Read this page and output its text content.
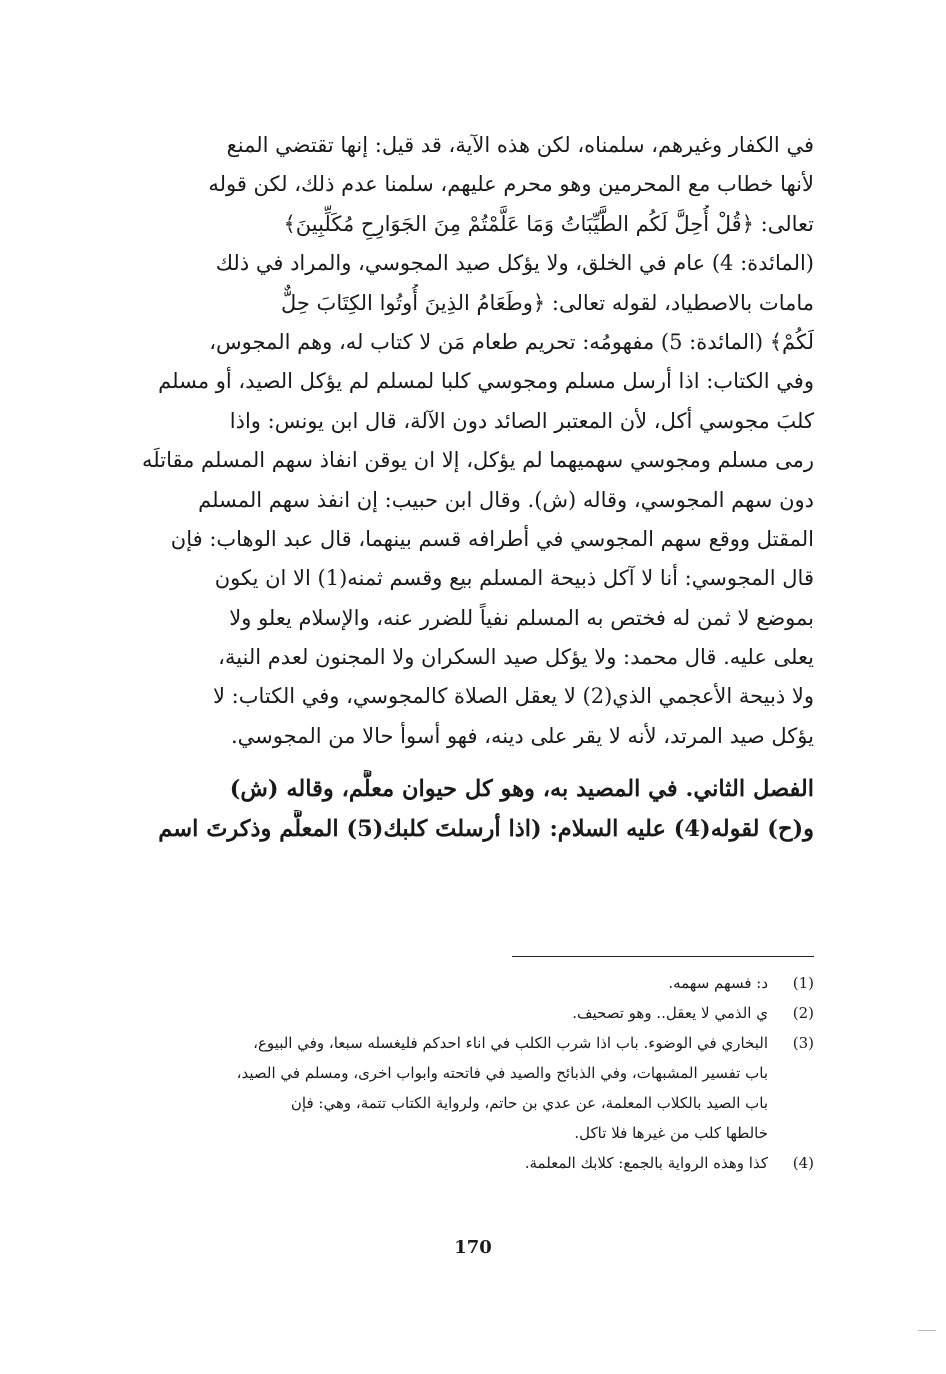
في الكفار وغيرهم، سلمناه، لكن هذه الآية، قد قيل: إنها تقتضي المنع
لأنها خطاب مع المحرمين وهو محرم عليهم، سلمنا عدم ذلك، لكن قوله
تعالى: ﴿قُلْ أُحِلَّ لَكُم الطَّيِّبَاتُ وَمَا عَلَّمْتُمْ مِنَ الجَوَارِحِ مُكَلِّبِينَ﴾
(المائدة: 4) عام في الخلق، ولا يؤكل صيد المجوسي، والمراد في ذلك
مامات بالاصطياد، لقوله تعالى: ﴿وطَعَامُ الذِينَ أُوتُوا الكِتَابَ حِلٌّ
لَكُمْ﴾ (المائدة: 5) مفهومُه: تحريم طعام مَن لا كتاب له، وهم المجوس،
وفي الكتاب: اذا أرسل مسلم ومجوسي كلبا لمسلم لم يؤكل الصيد، أو مسلم
كلبَ مجوسي أكل، لأن المعتبر الصائد دون الآلة، قال ابن يونس: واذا
رمى مسلم ومجوسي سهميهما لم يؤكل، إلا ان يوقن انفاذ سهم المسلم مقاتلَه
دون سهم المجوسي، وقاله (ش). وقال ابن حبيب: إن انفذ سهم المسلم
المقتل ووقع سهم المجوسي في أطرافه قسم بينهما، قال عبد الوهاب: فإن
قال المجوسي: أنا لا آكل ذبيحة المسلم بيع وقسم ثمنه(1) الا ان يكون
بموضع لا ثمن له فختص به المسلم نفياً للضرر عنه، والإسلام يعلو ولا
يعلى عليه. قال محمد: ولا يؤكل صيد السكران ولا المجنون لعدم النية،
ولا ذبيحة الأعجمي الذي(2) لا يعقل الصلاة كالمجوسي، وفي الكتاب: لا
يؤكل صيد المرتد، لأنه لا يقر على دينه، فهو أسوأ حالا من المجوسي.
الفصل الثاني. في المصيد به، وهو كل حيوان معلَّم، وقاله (ش)
و(ح) لقوله(4) عليه السلام: (اذا أرسلتَ كلبك(5) المعلَّم وذكرتَ اسم
(1)
د: فسهم سهمه.
(2)
ي الذمي لا يعقل.. وهو تصحيف.
(3)
البخاري في الوضوء. باب اذا شرب الكلب في اناء احدكم فليغسله سبعا، وفي البيوع،
باب تفسير المشبهات، وفي الذبائح والصيد في فاتحته وابواب اخرى، ومسلم في الصيد،
باب الصيد بالكلاب المعلمة، عن عدي بن حاتم، ولرواية الكتاب تتمة، وهي: فإن
خالطها كلب من غيرها فلا تاكل.
(4)
كذا وهذه الرواية بالجمع: كلابك المعلمة.
170
